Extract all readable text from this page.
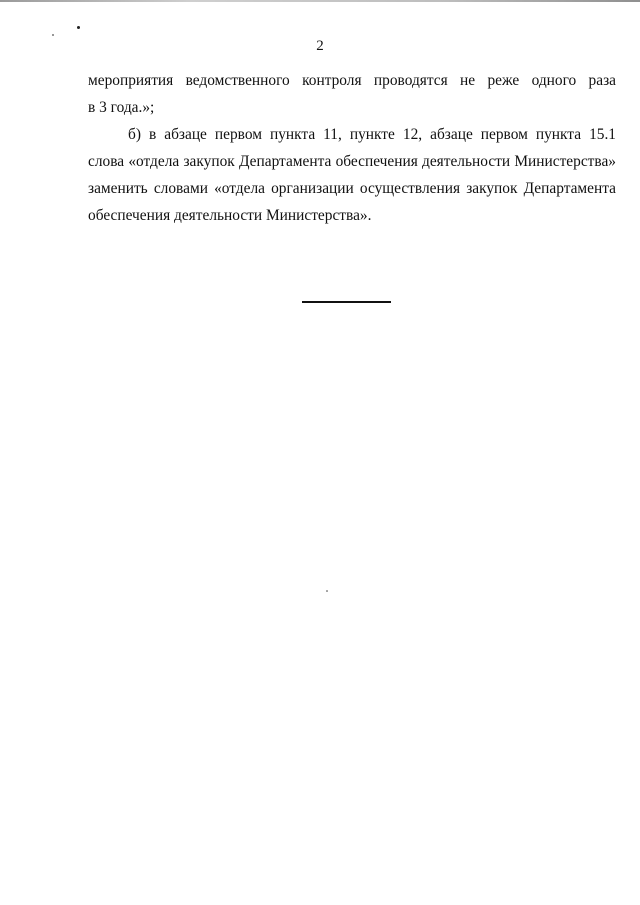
2
мероприятия ведомственного контроля проводятся не реже одного раза
в 3 года.»;
б) в абзаце первом пункта 11, пункте 12, абзаце первом пункта 15.1
слова «отдела закупок Департамента обеспечения деятельности Министерства»
заменить словами «отдела организации осуществления закупок Департамента
обеспечения деятельности Министерства».
